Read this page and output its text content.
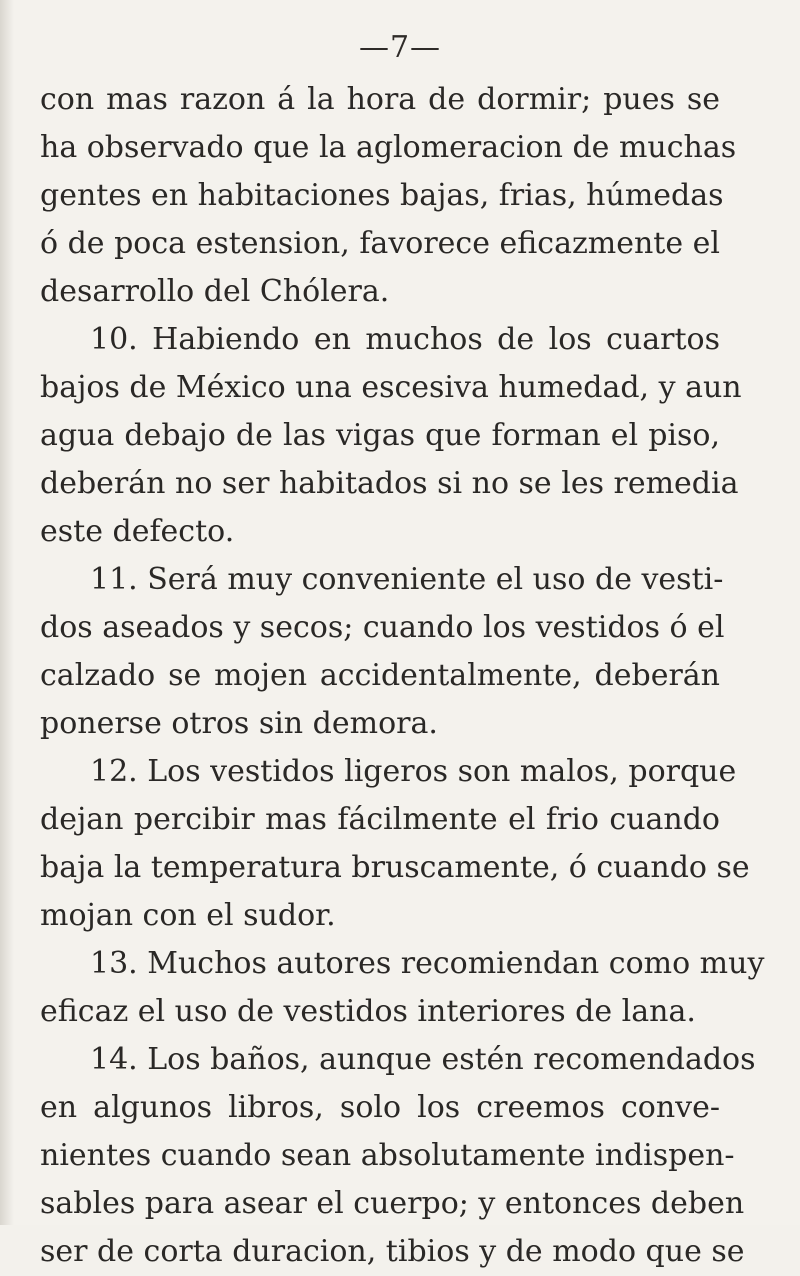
—7—
con mas razon á la hora de dormir; pues se
ha observado que la aglomeracion de muchas
gentes en habitaciones bajas, frias, húmedas
ó de poca estension, favorece eficazmente el
desarrollo del Chólera.
10. Habiendo en muchos de los cuartos
bajos de México una escesiva humedad, y aun
agua debajo de las vigas que forman el piso,
deberán no ser habitados si no se les remedia
este defecto.
11. Será muy conveniente el uso de vesti-
dos aseados y secos; cuando los vestidos ó el
calzado se mojen accidentalmente, deberán
ponerse otros sin demora.
12. Los vestidos ligeros son malos, porque
dejan percibir mas fácilmente el frio cuando
baja la temperatura bruscamente, ó cuando se
mojan con el sudor.
13. Muchos autores recomiendan como muy
eficaz el uso de vestidos interiores de lana.
14. Los baños, aunque estén recomendados
en algunos libros, solo los creemos conve-
nientes cuando sean absolutamente indispen-
sables para asear el cuerpo; y entonces deben
ser de corta duracion, tibios y de modo que se
